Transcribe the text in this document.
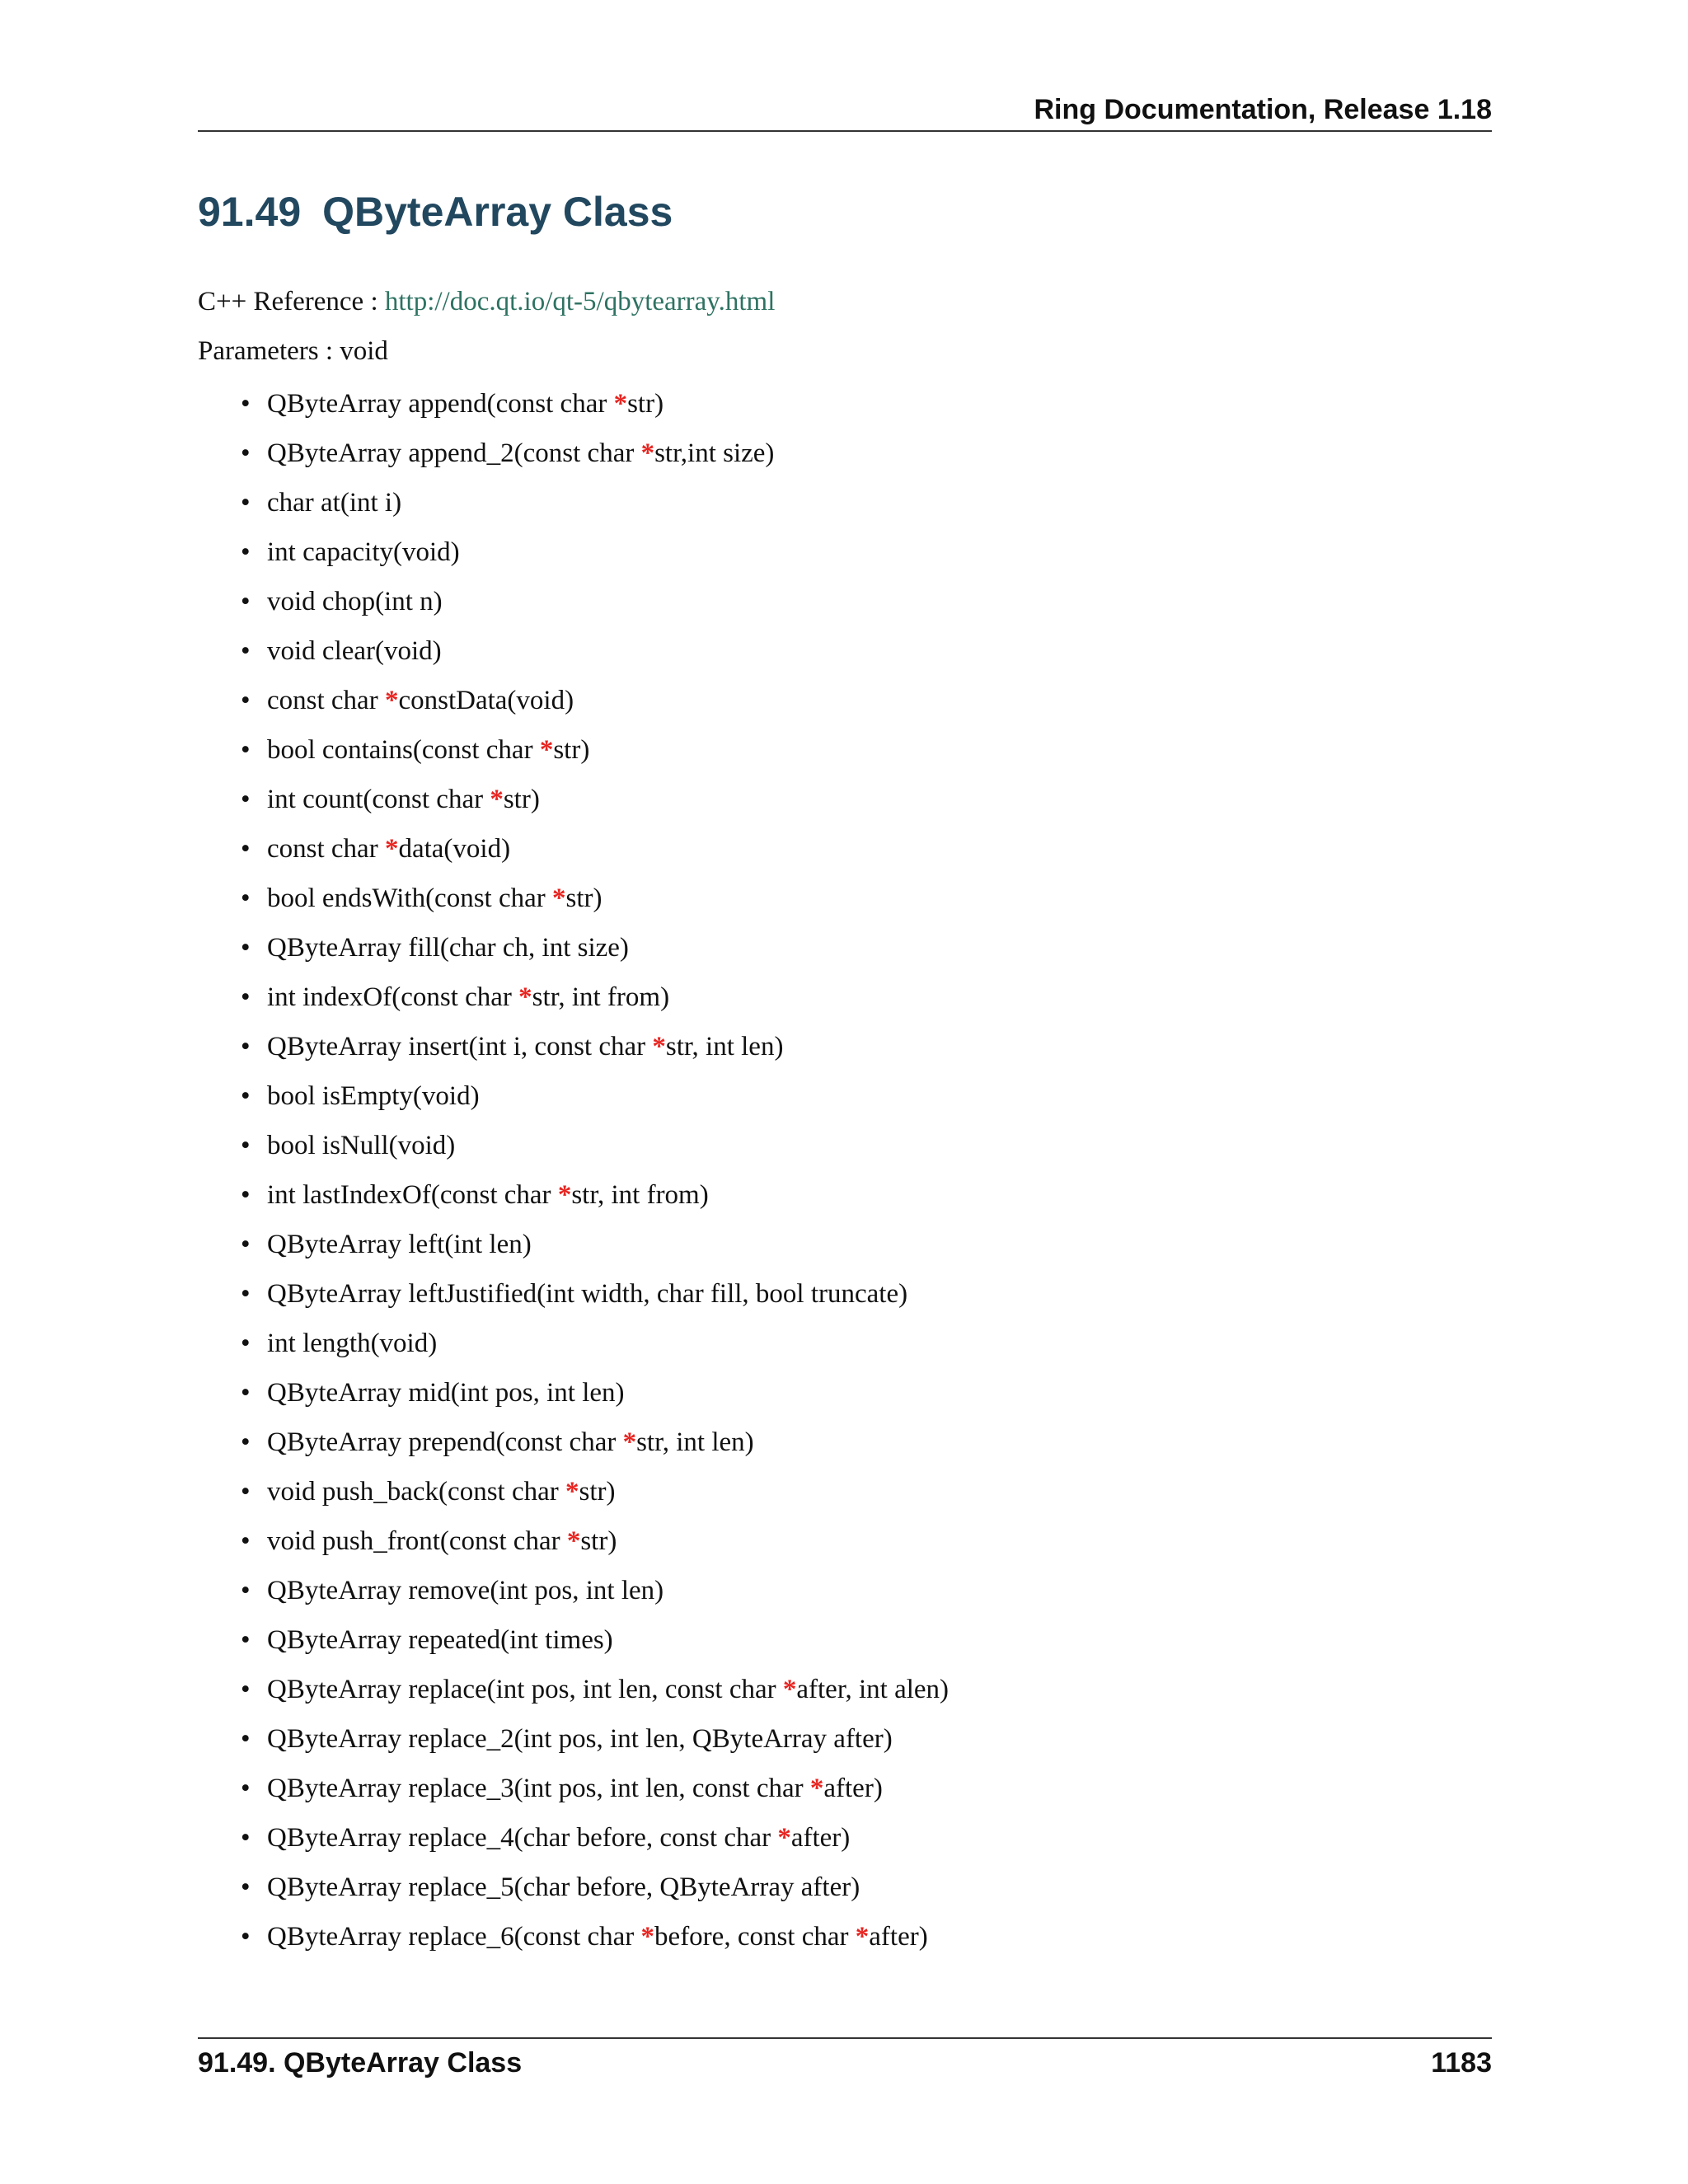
Ring Documentation, Release 1.18
91.49 QByteArray Class
C++ Reference : http://doc.qt.io/qt-5/qbytearray.html
Parameters : void
• QByteArray append(const char *str)
• QByteArray append_2(const char *str,int size)
• char at(int i)
• int capacity(void)
• void chop(int n)
• void clear(void)
• const char *constData(void)
• bool contains(const char *str)
• int count(const char *str)
• const char *data(void)
• bool endsWith(const char *str)
• QByteArray fill(char ch, int size)
• int indexOf(const char *str, int from)
• QByteArray insert(int i, const char *str, int len)
• bool isEmpty(void)
• bool isNull(void)
• int lastIndexOf(const char *str, int from)
• QByteArray left(int len)
• QByteArray leftJustified(int width, char fill, bool truncate)
• int length(void)
• QByteArray mid(int pos, int len)
• QByteArray prepend(const char *str, int len)
• void push_back(const char *str)
• void push_front(const char *str)
• QByteArray remove(int pos, int len)
• QByteArray repeated(int times)
• QByteArray replace(int pos, int len, const char *after, int alen)
• QByteArray replace_2(int pos, int len, QByteArray after)
• QByteArray replace_3(int pos, int len, const char *after)
• QByteArray replace_4(char before, const char *after)
• QByteArray replace_5(char before, QByteArray after)
• QByteArray replace_6(const char *before, const char *after)
91.49. QByteArray Class	1183
